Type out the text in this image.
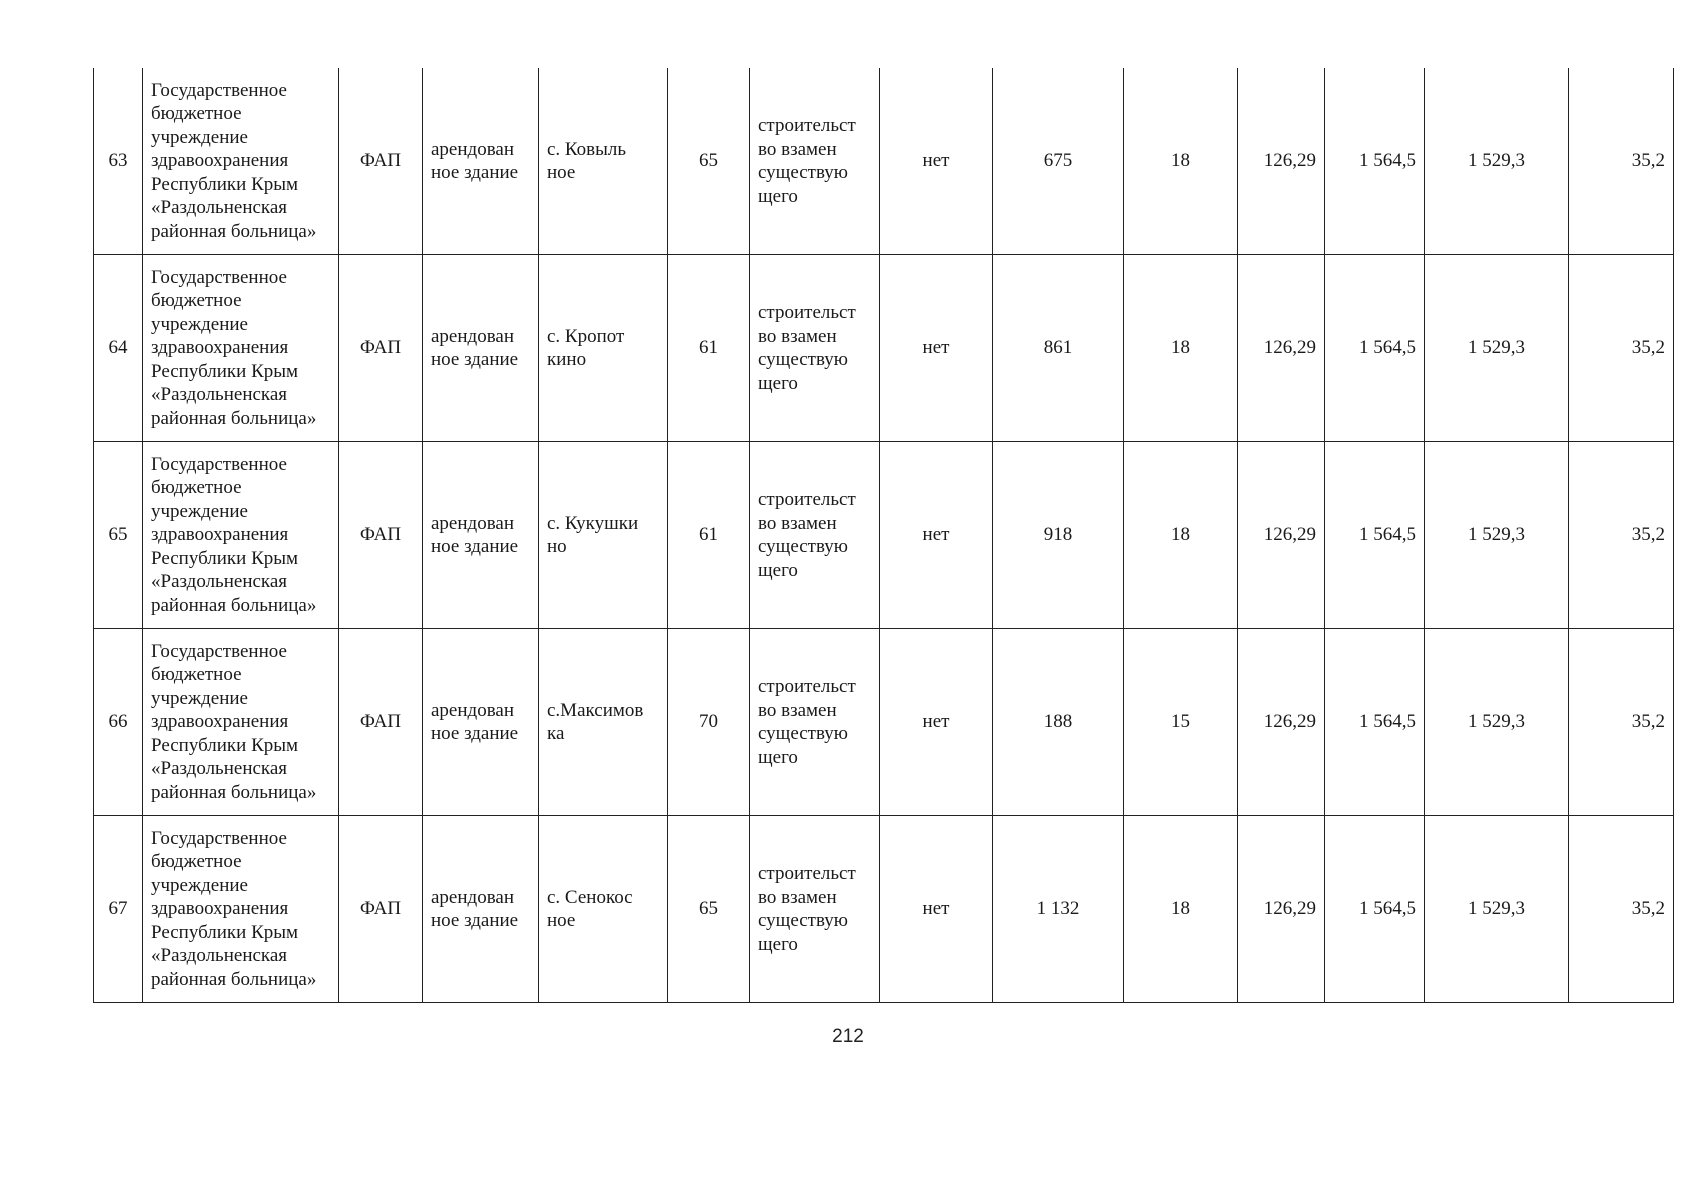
63	Государственное бюджетное учреждение здравоохранения Республики Крым «Раздольненская районная больница»	ФАП	арендован ное здание	с. Ковыль ное	65	строительст во взамен существую щего	нет	675	18	126,29	1 564,5	1 529,3	35,2
64	Государственное бюджетное учреждение здравоохранения Республики Крым «Раздольненская районная больница»	ФАП	арендован ное здание	с. Кропот кино	61	строительст во взамен существую щего	нет	861	18	126,29	1 564,5	1 529,3	35,2
65	Государственное бюджетное учреждение здравоохранения Республики Крым «Раздольненская районная больница»	ФАП	арендован ное здание	с. Кукушки но	61	строительст во взамен существую щего	нет	918	18	126,29	1 564,5	1 529,3	35,2
66	Государственное бюджетное учреждение здравоохранения Республики Крым «Раздольненская районная больница»	ФАП	арендован ное здание	с.Максимов ка	70	строительст во взамен существую щего	нет	188	15	126,29	1 564,5	1 529,3	35,2
67	Государственное бюджетное учреждение здравоохранения Республики Крым «Раздольненская районная больница»	ФАП	арендован ное здание	с. Сенокос ное	65	строительст во взамен существую щего	нет	1 132	18	126,29	1 564,5	1 529,3	35,2
212
